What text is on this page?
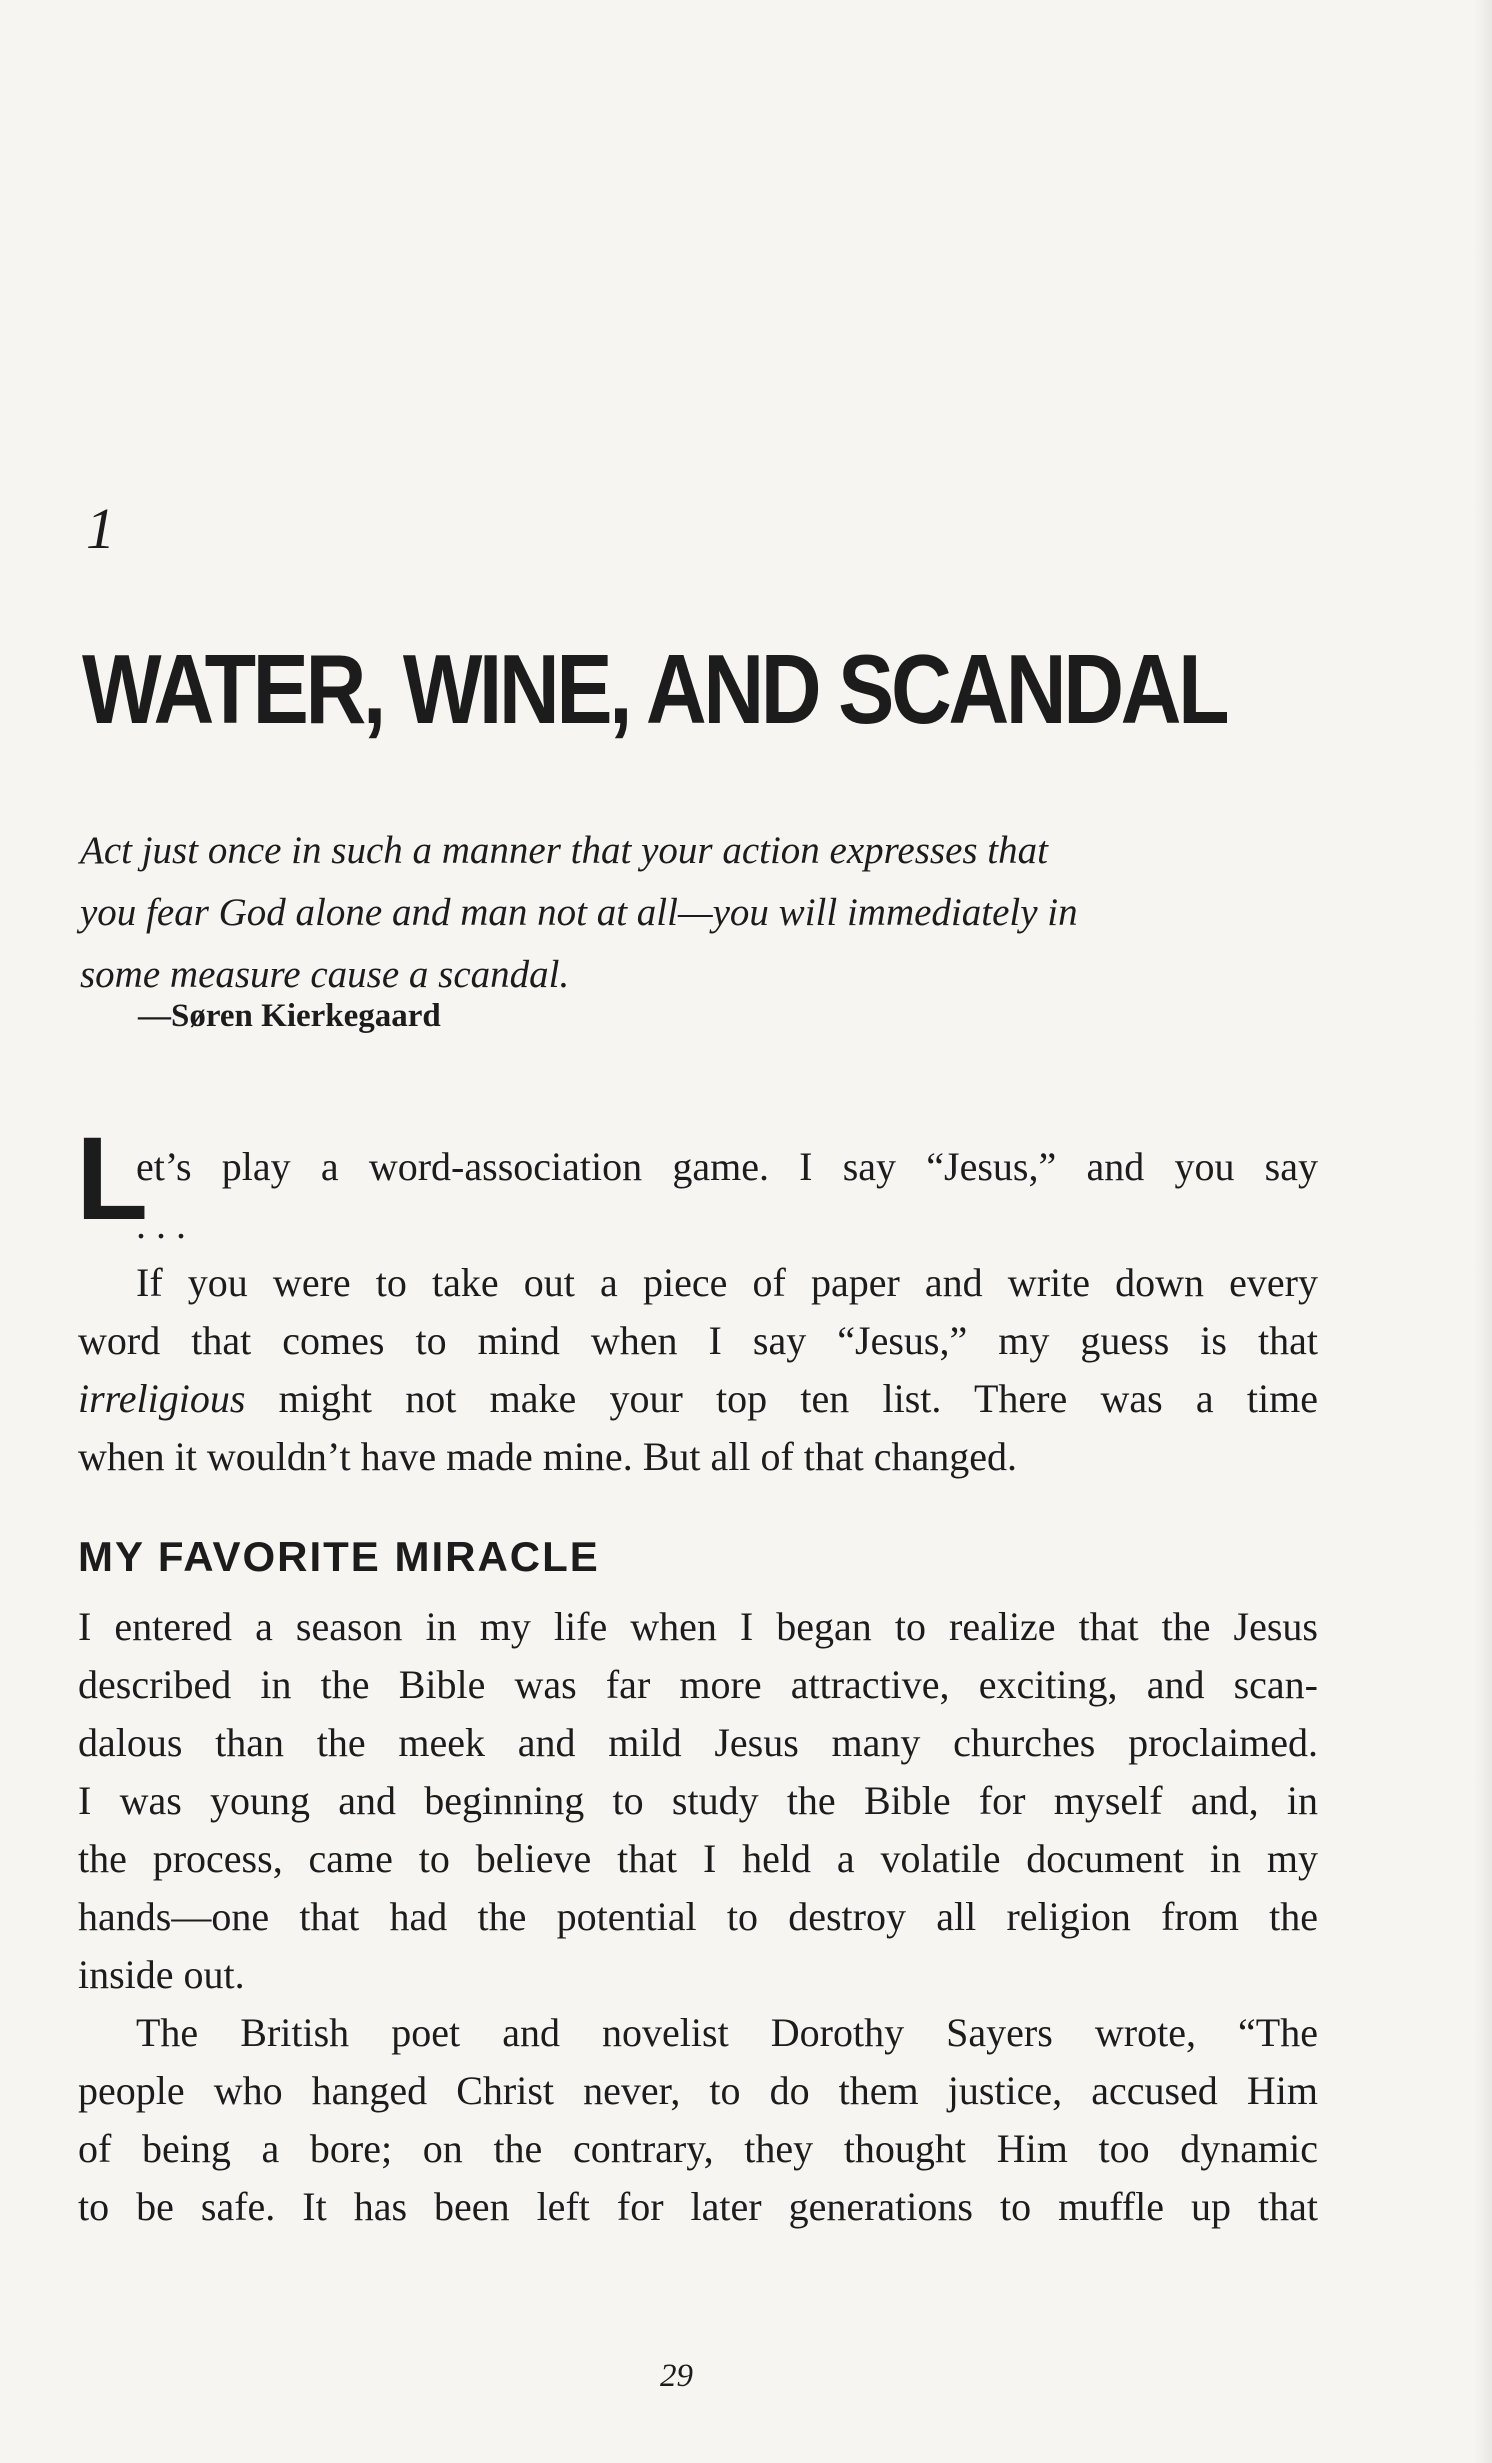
1
WATER, WINE, AND SCANDAL
Act just once in such a manner that your action expresses that
you fear God alone and man not at all—you will immediately in
some measure cause a scandal.
—Søren Kierkegaard
L
et’s play a word-association game. I say “Jesus,” and you say
. . .
If you were to take out a piece of paper and write down every
word that comes to mind when I say “Jesus,” my guess is that
irreligious might not make your top ten list. There was a time
when it wouldn’t have made mine. But all of that changed.
MY FAVORITE MIRACLE
I entered a season in my life when I began to realize that the Jesus
described in the Bible was far more attractive, exciting, and scan-
dalous than the meek and mild Jesus many churches proclaimed.
I was young and beginning to study the Bible for myself and, in
the process, came to believe that I held a volatile document in my
hands—one that had the potential to destroy all religion from the
inside out.
The British poet and novelist Dorothy Sayers wrote, “The
people who hanged Christ never, to do them justice, accused Him
of being a bore; on the contrary, they thought Him too dynamic
to be safe. It has been left for later generations to muffle up that
29
